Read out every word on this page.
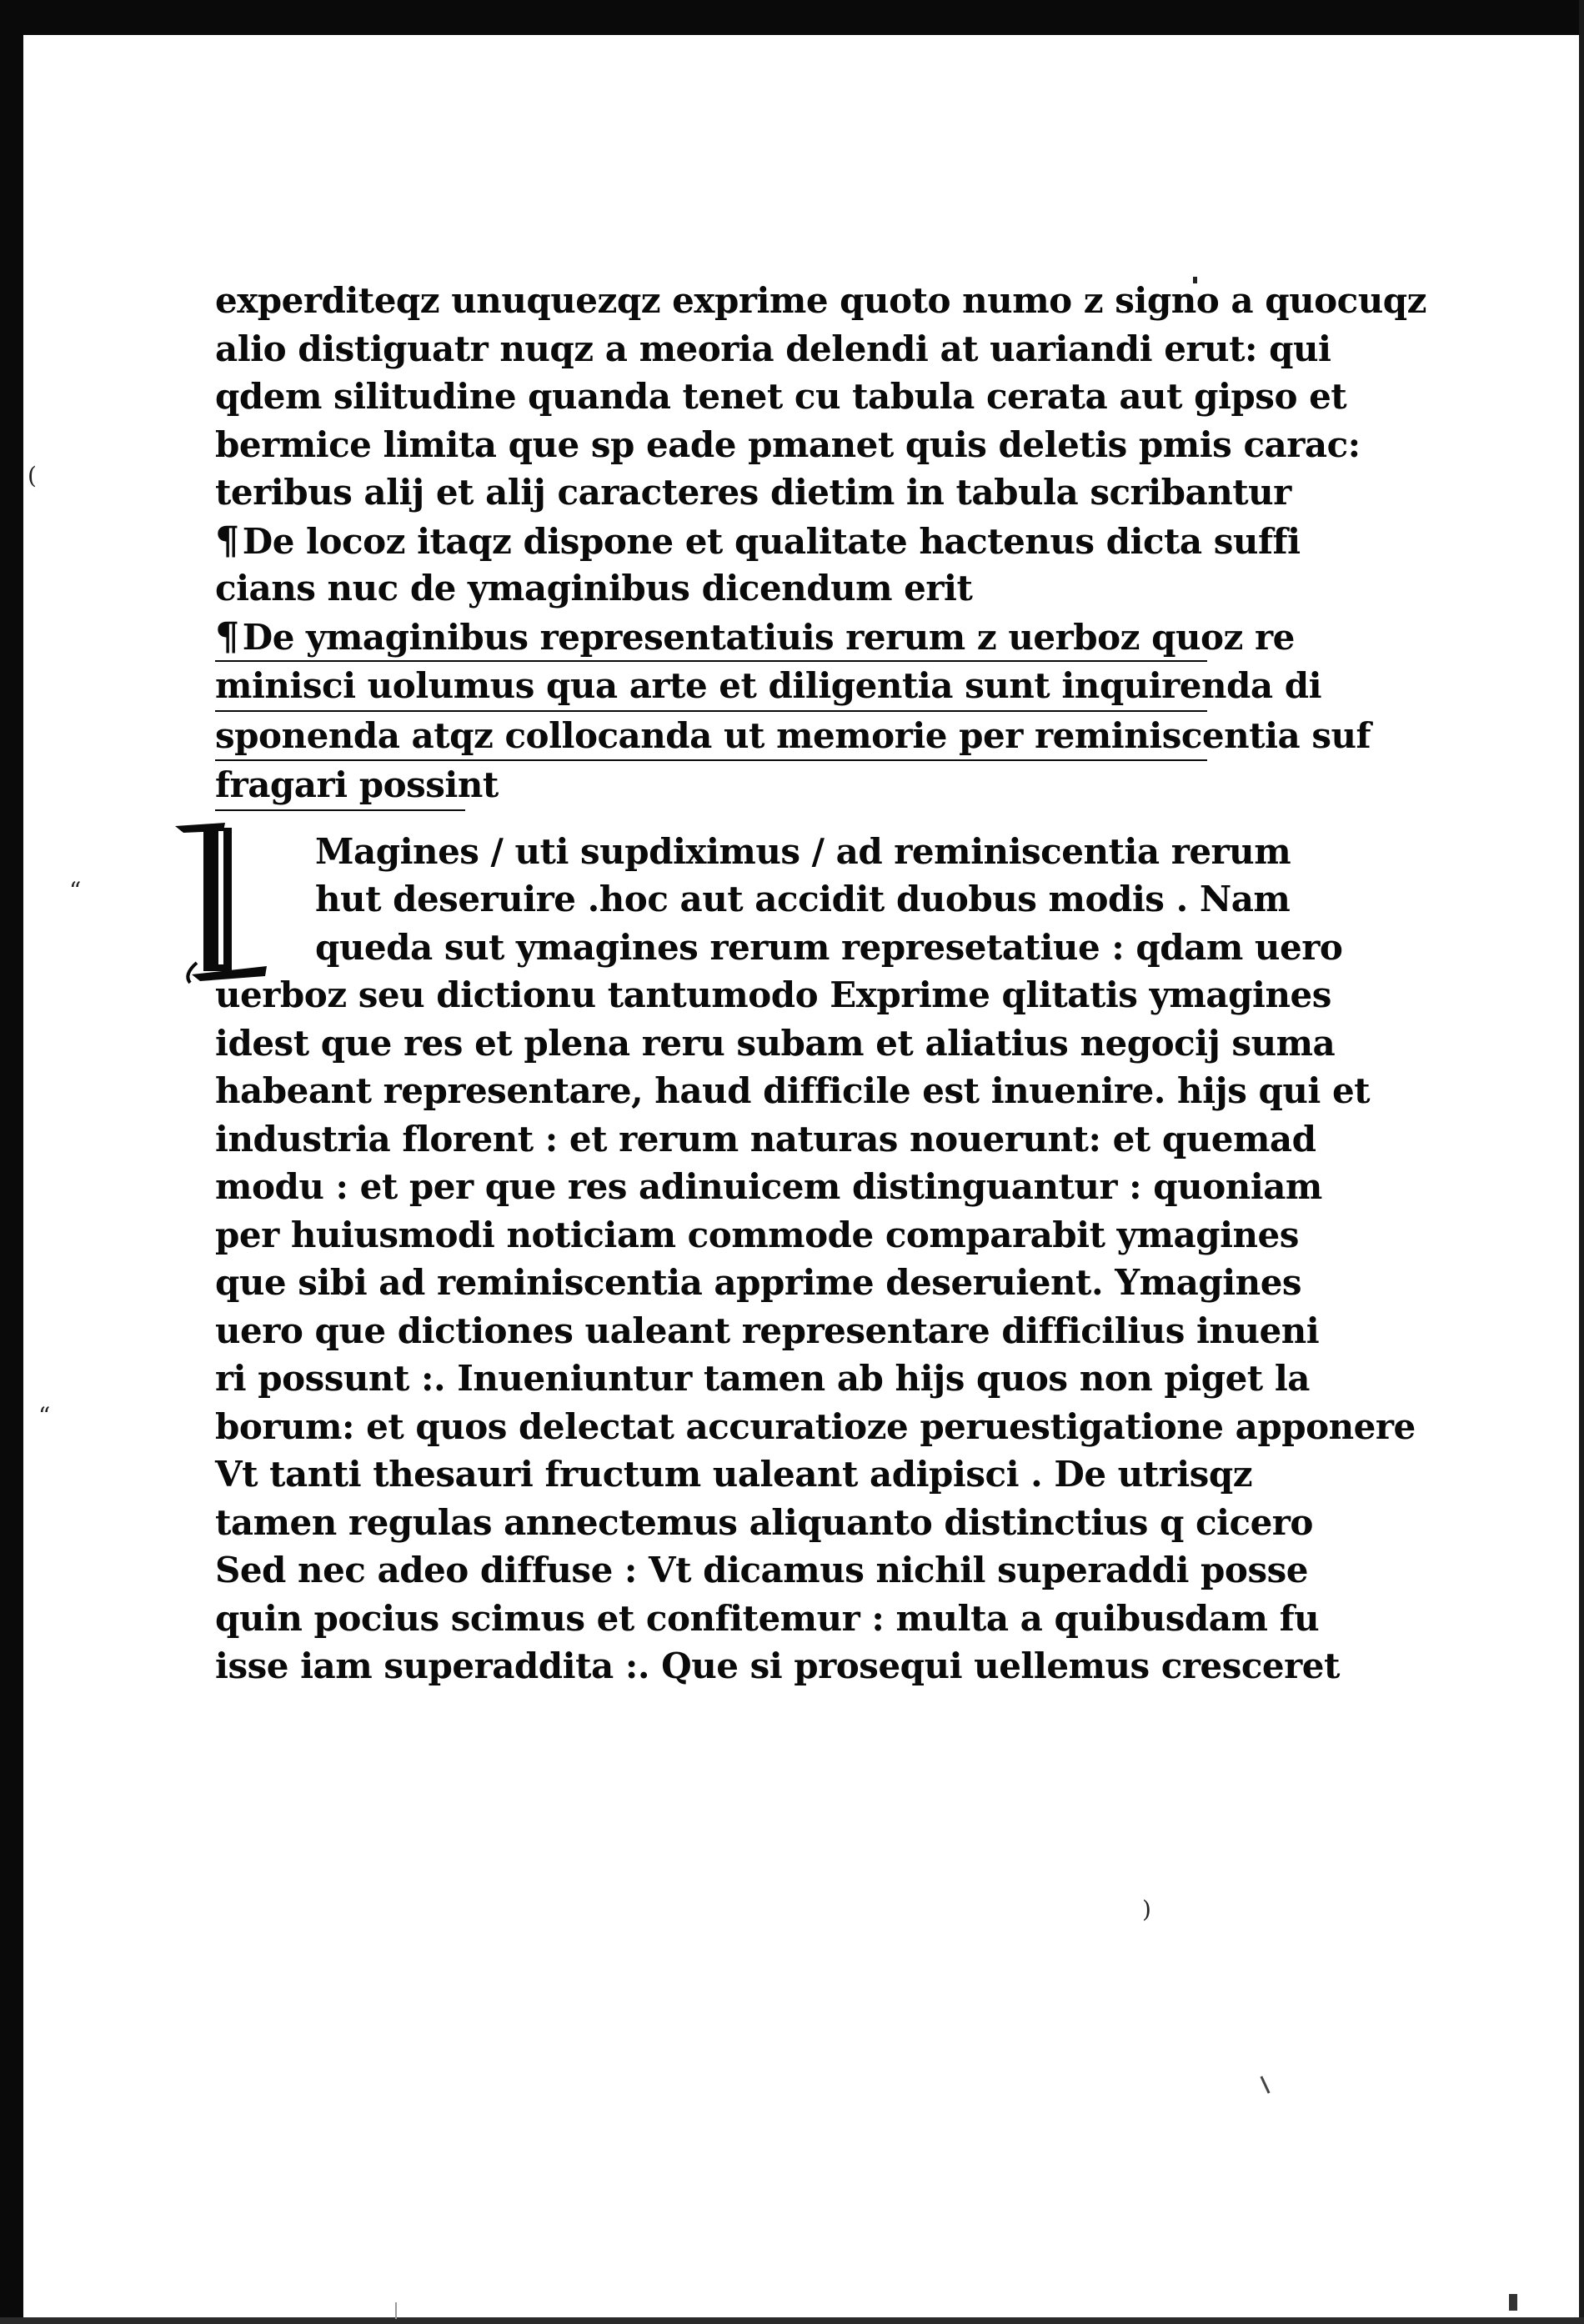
(
“
“
)
experditeqz unuquezqz exprime quoto numo z signo a quocuqz
alio distiguatr nuqz a meoria delendi at uariandi erut: qui
qdem silitudine quanda tenet cu tabula cerata aut gipso et
bermice limita que sp eade pmanet quis deletis pmis carac:
teribus alij et alij caracteres dietim in tabula scribantur
¶De locoz itaqz dispone et qualitate hactenus dicta suffi
cians nuc de ymaginibus dicendum erit
¶De ymaginibus representatiuis rerum z uerboz quoz re
minisci uolumus qua arte et diligentia sunt inquirenda di
sponenda atqz collocanda ut memorie per reminiscentia suf
fragari possint
Magines / uti supdiximus / ad reminiscentia rerum
hut deseruire .hoc aut accidit duobus modis . Nam
queda sut ymagines rerum represetatiue : qdam uero
uerboz seu dictionu tantumodo Exprime qlitatis ymagines
idest que res et plena reru subam et aliatius negocij suma
habeant representare, haud difficile est inuenire. hijs qui et
industria florent : et rerum naturas nouerunt: et quemad
modu : et per que res adinuicem distinguantur : quoniam
per huiusmodi noticiam commode comparabit ymagines
que sibi ad reminiscentia apprime deseruient. Ymagines
uero que dictiones ualeant representare difficilius inueni
ri possunt :. Inueniuntur tamen ab hijs quos non piget la
borum: et quos delectat accuratioze peruestigatione apponere
Vt tanti thesauri fructum ualeant adipisci . De utrisqz
tamen regulas annectemus aliquanto distinctius q cicero
Sed nec adeo diffuse : Vt dicamus nichil superaddi posse
quin pocius scimus et confitemur : multa a quibusdam fu
isse iam superaddita :. Que si prosequi uellemus cresceret
